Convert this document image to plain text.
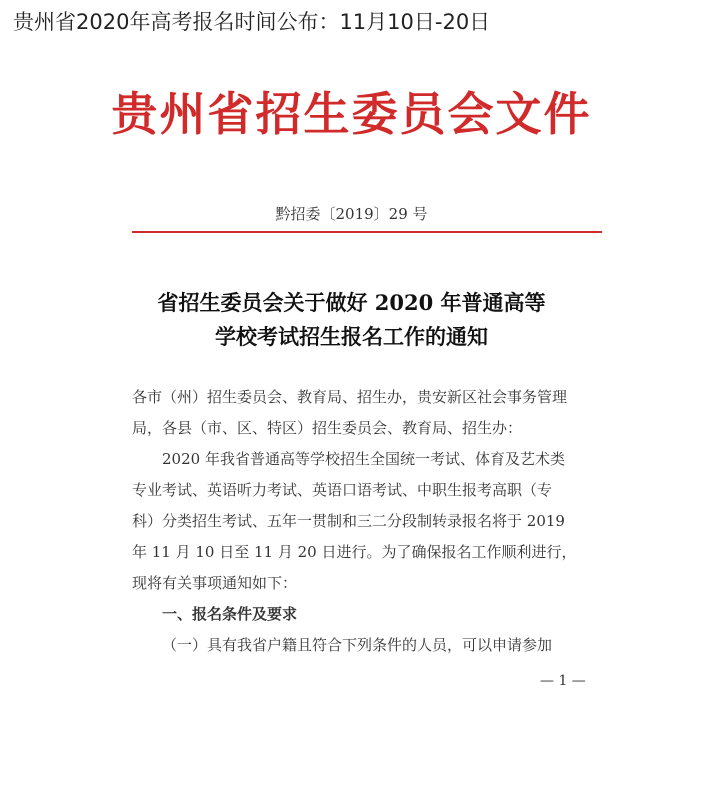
贵州省2020年高考报名时间公布：11月10日-20日
贵州省招生委员会文件
黔招委〔2019〕29 号
省招生委员会关于做好 2020 年普通高等
学校考试招生报名工作的通知

各市（州）招生委员会、教育局、招生办，贵安新区社会事务管理

局，各县（市、区、特区）招生委员会、教育局、招生办：

2020 年我省普通高等学校招生全国统一考试、体育及艺术类

专业考试、英语听力考试、英语口语考试、中职生报考高职（专

科）分类招生考试、五年一贯制和三二分段制转录报名将于 2019

年 11 月 10 日至 11 月 20 日进行。为了确保报名工作顺利进行，

现将有关事项通知如下：

一、报名条件及要求

（一）具有我省户籍且符合下列条件的人员，可以申请参加

— 1 —
